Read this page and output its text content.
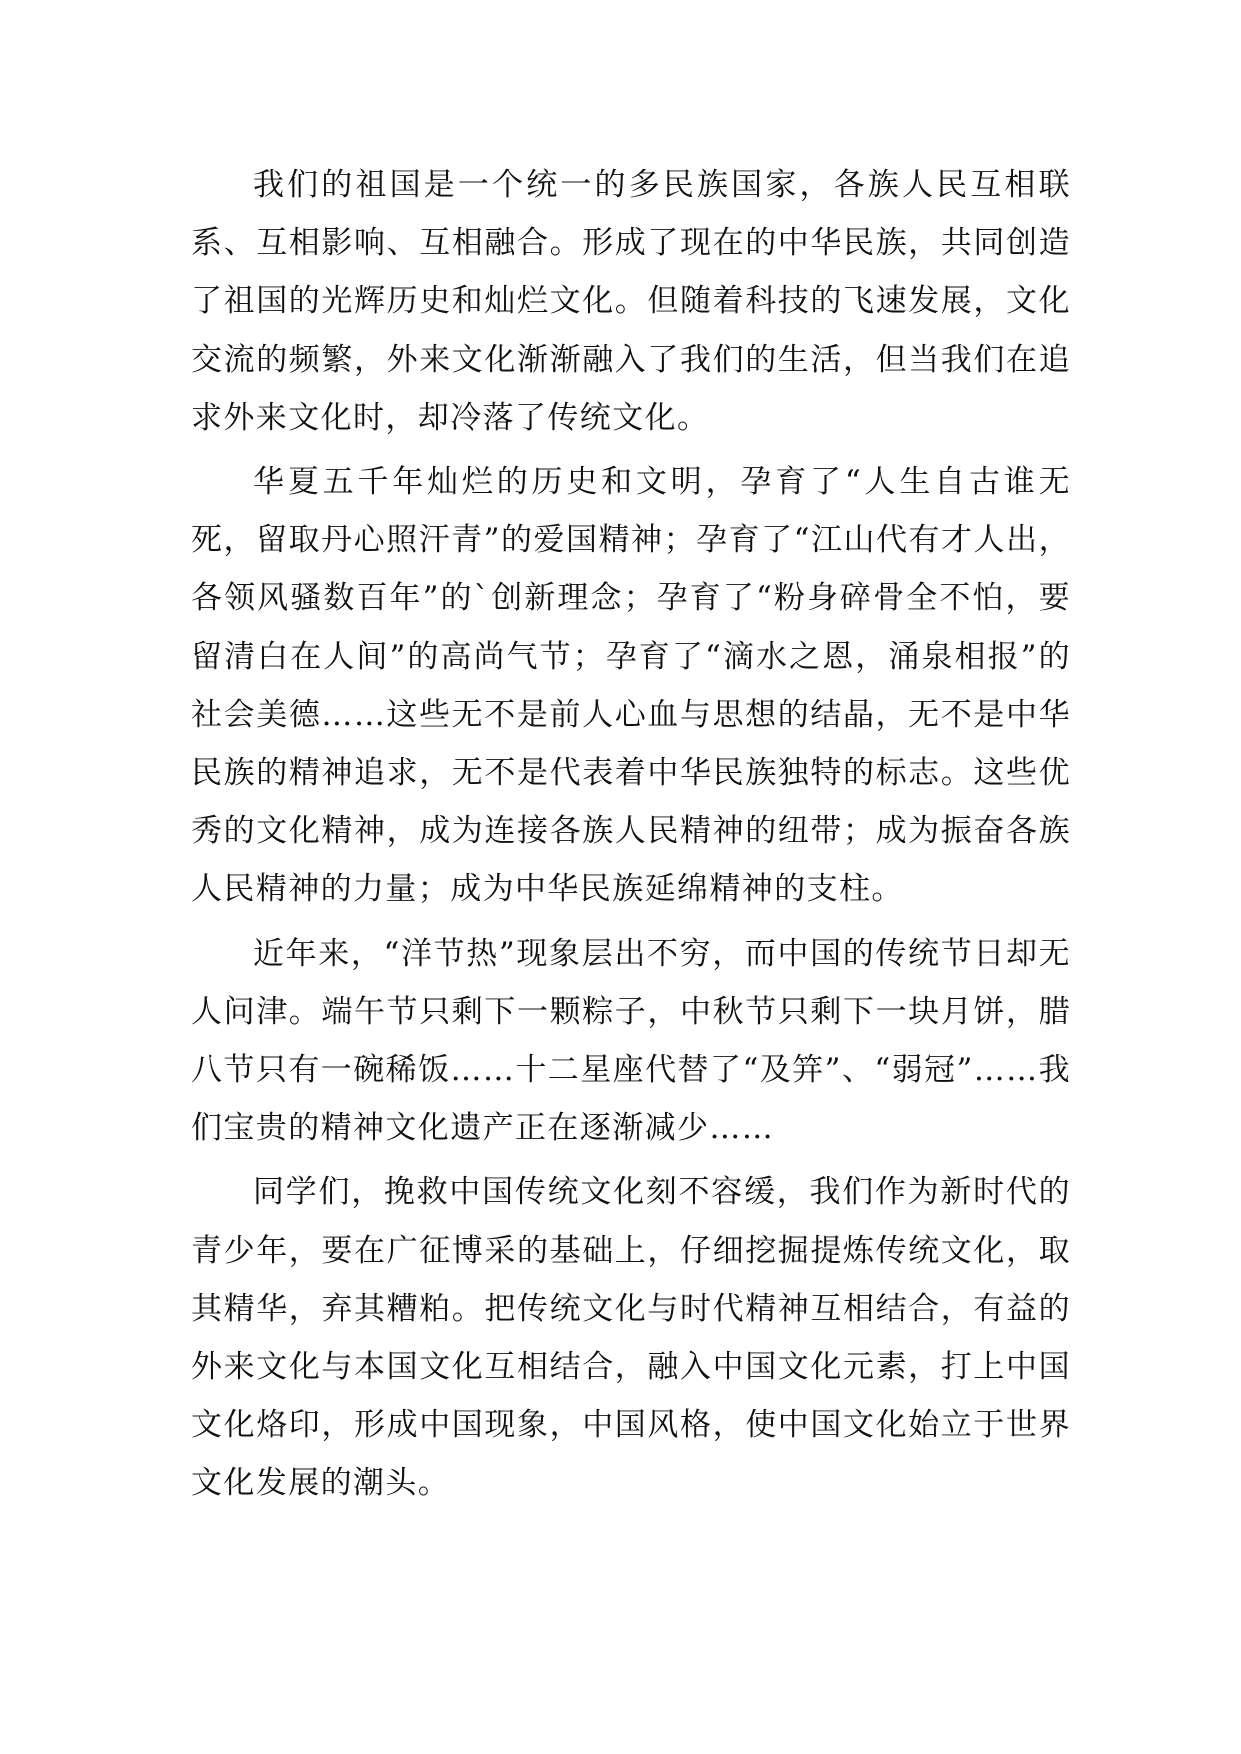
我们的祖国是一个统一的多民族国家，各族人民互相联系、互相影响、互相融合。形成了现在的中华民族，共同创造了祖国的光辉历史和灿烂文化。但随着科技的飞速发展，文化交流的频繁，外来文化渐渐融入了我们的生活，但当我们在追求外来文化时，却冷落了传统文化。

华夏五千年灿烂的历史和文明，孕育了“人生自古谁无死，留取丹心照汗青”的爱国精神；孕育了“江山代有才人出，各领风骚数百年”的`创新理念；孕育了“粉身碎骨全不怕，要留清白在人间”的高尚气节；孕育了“滴水之恩，涌泉相报”的社会美德……这些无不是前人心血与思想的结晶，无不是中华民族的精神追求，无不是代表着中华民族独特的标志。这些优秀的文化精神，成为连接各族人民精神的纽带；成为振奋各族人民精神的力量；成为中华民族延绵精神的支柱。

近年来，“洋节热”现象层出不穷，而中国的传统节日却无人问津。端午节只剩下一颗粽子，中秋节只剩下一块月饼，腊八节只有一碗稀饭……十二星座代替了“及笄”、“弱冠”……我们宝贵的精神文化遗产正在逐渐减少……

同学们，挽救中国传统文化刻不容缓，我们作为新时代的青少年，要在广征博采的基础上，仔细挖掘提炼传统文化，取其精华，弃其糟粕。把传统文化与时代精神互相结合，有益的外来文化与本国文化互相结合，融入中国文化元素，打上中国文化烙印，形成中国现象，中国风格，使中国文化始立于世界文化发展的潮头。
